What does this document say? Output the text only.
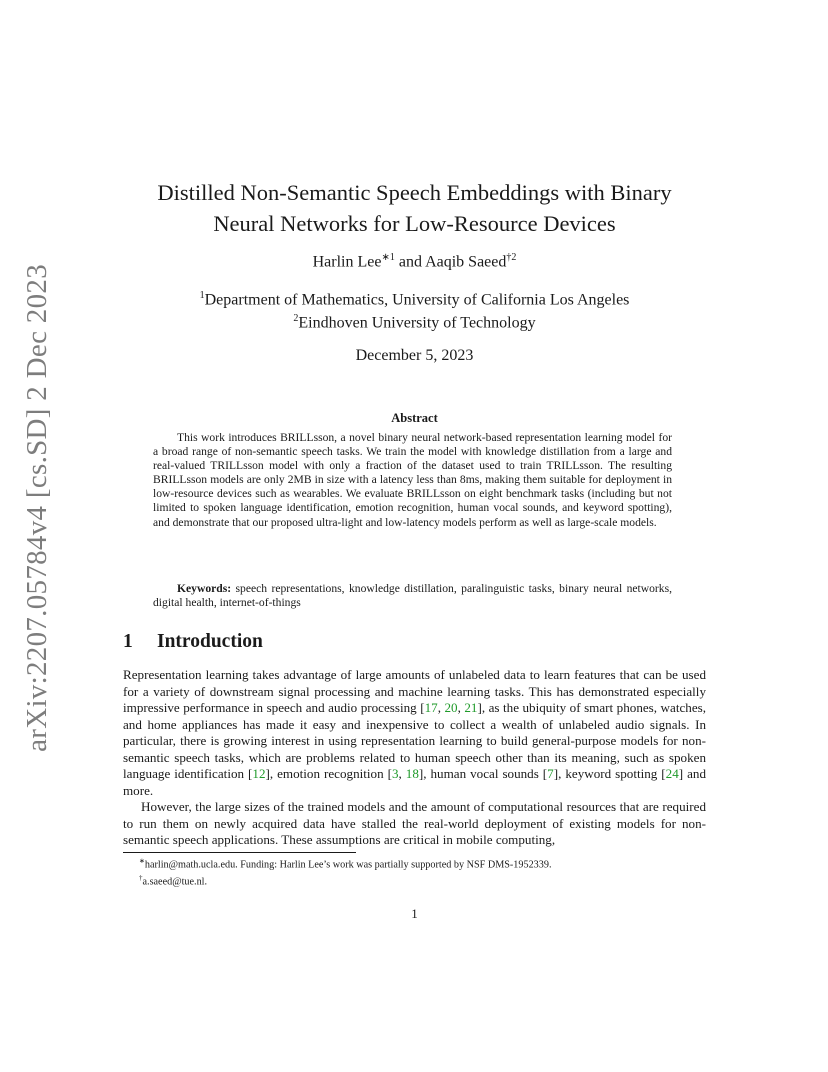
arXiv:2207.05784v4 [cs.SD] 2 Dec 2023
Distilled Non-Semantic Speech Embeddings with Binary
Neural Networks for Low-Resource Devices
Harlin Lee$^{∗1}$ and Aaqib Saeed$^{\dagger 2}$
$^1$Department of Mathematics, University of California Los Angeles
$^2$Eindhoven University of Technology
December 5, 2023
Abstract

This work introduces BRILLsson, a novel binary neural network-based representation learning model for a broad range of non-semantic speech tasks. We train the model with knowledge distillation from a large and real-valued TRILLsson model with only a fraction of the dataset used to train TRILLsson. The resulting BRILLsson models are only 2MB in size with a latency less than 8ms, making them suitable for deployment in low-resource devices such as wearables. We evaluate BRILLsson on eight benchmark tasks (including but not limited to spoken language identification, emotion recognition, human vocal sounds, and keyword spotting), and demonstrate that our proposed ultra-light and low-latency models perform as well as large-scale models.

Keywords: speech representations, knowledge distillation, paralinguistic tasks, binary neural networks, digital health, internet-of-things

1 Introduction

Representation learning takes advantage of large amounts of unlabeled data to learn features that can be used for a variety of downstream signal processing and machine learning tasks. This has demonstrated especially impressive performance in speech and audio processing [17, 20, 21], as the ubiquity of smart phones, watches, and home appliances has made it easy and inexpensive to collect a wealth of unlabeled audio signals. In particular, there is growing interest in using representation learning to build general-purpose models for non-semantic speech tasks, which are problems related to human speech other than its meaning, such as spoken language identification [12], emotion recognition [3, 18], human vocal sounds [7], keyword spotting [24] and more.

However, the large sizes of the trained models and the amount of computational resources that are required to run them on newly acquired data have stalled the real-world deployment of existing models for non-semantic speech applications. These assumptions are critical in mobile computing,

∗harlin@math.ucla.edu. Funding: Harlin Lee’s work was partially supported by NSF DMS-1952339.
†a.saeed@tue.nl.
1
